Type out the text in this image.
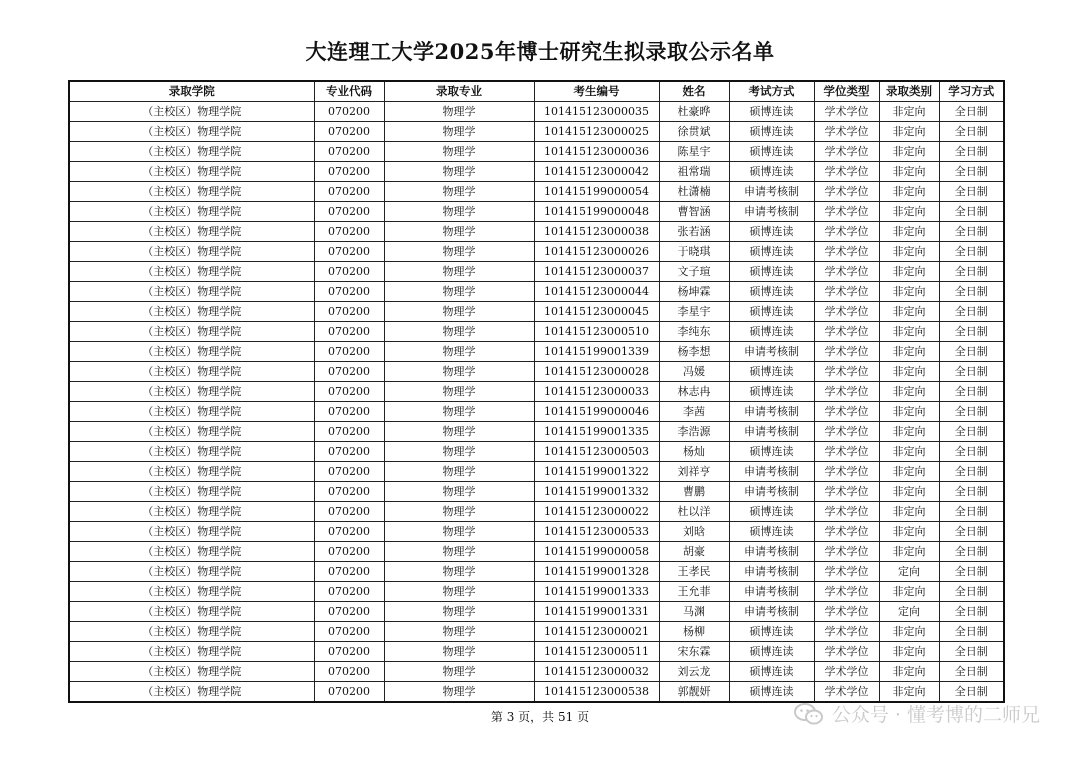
大连理工大学2025年博士研究生拟录取公示名单
录取学院	专业代码	录取专业	考生编号	姓名	考试方式	学位类型	录取类别	学习方式
（主校区）物理学院	070200	物理学	101415123000035	杜豪晔	硕博连读	学术学位	非定向	全日制
（主校区）物理学院	070200	物理学	101415123000025	徐贯斌	硕博连读	学术学位	非定向	全日制
（主校区）物理学院	070200	物理学	101415123000036	陈星宇	硕博连读	学术学位	非定向	全日制
（主校区）物理学院	070200	物理学	101415123000042	祖常瑞	硕博连读	学术学位	非定向	全日制
（主校区）物理学院	070200	物理学	101415199000054	杜潇楠	申请考核制	学术学位	非定向	全日制
（主校区）物理学院	070200	物理学	101415199000048	曹智涵	申请考核制	学术学位	非定向	全日制
（主校区）物理学院	070200	物理学	101415123000038	张若涵	硕博连读	学术学位	非定向	全日制
（主校区）物理学院	070200	物理学	101415123000026	于晓琪	硕博连读	学术学位	非定向	全日制
（主校区）物理学院	070200	物理学	101415123000037	文子瑄	硕博连读	学术学位	非定向	全日制
（主校区）物理学院	070200	物理学	101415123000044	杨坤霖	硕博连读	学术学位	非定向	全日制
（主校区）物理学院	070200	物理学	101415123000045	李星宇	硕博连读	学术学位	非定向	全日制
（主校区）物理学院	070200	物理学	101415123000510	李纯东	硕博连读	学术学位	非定向	全日制
（主校区）物理学院	070200	物理学	101415199001339	杨李想	申请考核制	学术学位	非定向	全日制
（主校区）物理学院	070200	物理学	101415123000028	冯媛	硕博连读	学术学位	非定向	全日制
（主校区）物理学院	070200	物理学	101415123000033	林志冉	硕博连读	学术学位	非定向	全日制
（主校区）物理学院	070200	物理学	101415199000046	李茜	申请考核制	学术学位	非定向	全日制
（主校区）物理学院	070200	物理学	101415199001335	李浩源	申请考核制	学术学位	非定向	全日制
（主校区）物理学院	070200	物理学	101415123000503	杨灿	硕博连读	学术学位	非定向	全日制
（主校区）物理学院	070200	物理学	101415199001322	刘祥亨	申请考核制	学术学位	非定向	全日制
（主校区）物理学院	070200	物理学	101415199001332	曹鹏	申请考核制	学术学位	非定向	全日制
（主校区）物理学院	070200	物理学	101415123000022	杜以洋	硕博连读	学术学位	非定向	全日制
（主校区）物理学院	070200	物理学	101415123000533	刘晗	硕博连读	学术学位	非定向	全日制
（主校区）物理学院	070200	物理学	101415199000058	胡豪	申请考核制	学术学位	非定向	全日制
（主校区）物理学院	070200	物理学	101415199001328	王孝民	申请考核制	学术学位	定向	全日制
（主校区）物理学院	070200	物理学	101415199001333	王允菲	申请考核制	学术学位	非定向	全日制
（主校区）物理学院	070200	物理学	101415199001331	马渊	申请考核制	学术学位	定向	全日制
（主校区）物理学院	070200	物理学	101415123000021	杨柳	硕博连读	学术学位	非定向	全日制
（主校区）物理学院	070200	物理学	101415123000511	宋东霖	硕博连读	学术学位	非定向	全日制
（主校区）物理学院	070200	物理学	101415123000032	刘云龙	硕博连读	学术学位	非定向	全日制
（主校区）物理学院	070200	物理学	101415123000538	郭靓妍	硕博连读	学术学位	非定向	全日制
第 3 页，共 51 页	公众号 · 懂考博的二师兄
